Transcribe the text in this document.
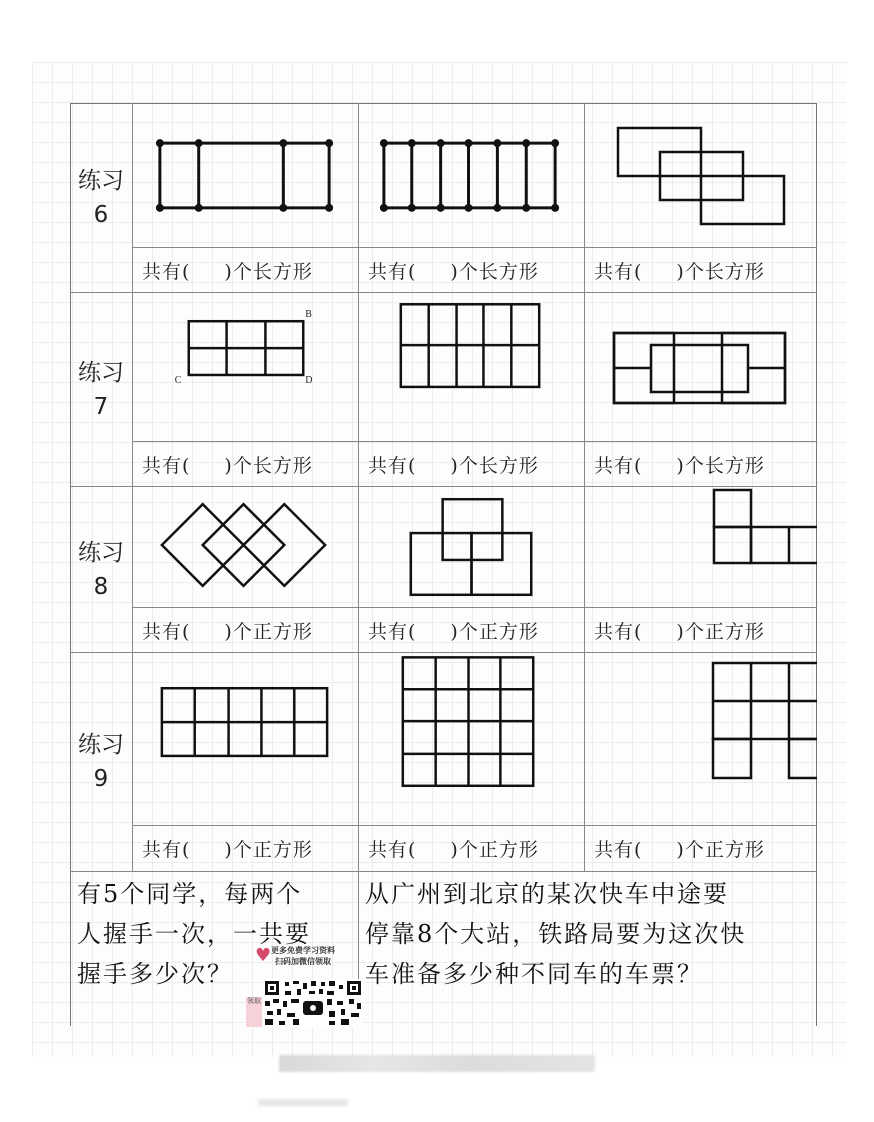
练习
6
共有( )个长方形	共有( )个长方形	共有( )个长方形
练习
7
B
C	D
共有( )个长方形	共有( )个长方形	共有( )个长方形
练习
8
共有( )个正方形	共有( )个正方形	共有( )个正方形
练习
9
共有( )个正方形	共有( )个正方形	共有( )个正方形
有5个同学，每两个
人握手一次，一共要
握手多少次？
从广州到北京的某次快车中途要
停靠8个大站，铁路局要为这次快
车准备多少种不同车的车票？
♥ 更多免费学习资料
扫码加微信领取
领取
